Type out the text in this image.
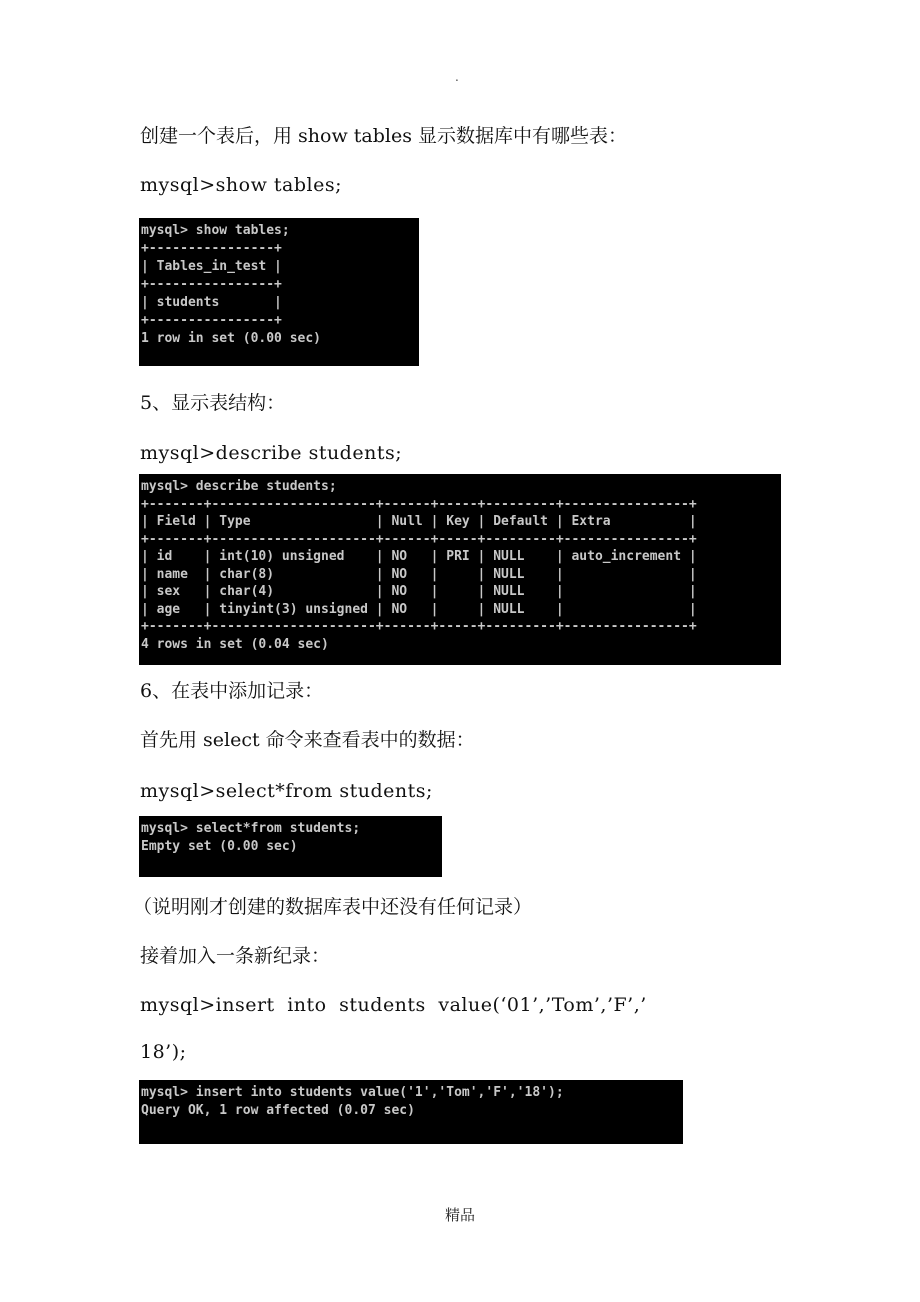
.
创建一个表后，用 show tables 显示数据库中有哪些表：
mysql>show tables;
mysql> show tables;
+----------------+
| Tables_in_test |
+----------------+
| students       |
+----------------+
1 row in set (0.00 sec)
5、显示表结构：
mysql>describe students;
mysql> describe students;
+-------+---------------------+------+-----+---------+----------------+
| Field | Type                | Null | Key | Default | Extra          |
+-------+---------------------+------+-----+---------+----------------+
| id    | int(10) unsigned    | NO   | PRI | NULL    | auto_increment |
| name  | char(8)             | NO   |     | NULL    |                |
| sex   | char(4)             | NO   |     | NULL    |                |
| age   | tinyint(3) unsigned | NO   |     | NULL    |                |
+-------+---------------------+------+-----+---------+----------------+
4 rows in set (0.04 sec)
6、在表中添加记录：
首先用 select 命令来查看表中的数据：
mysql>select*from students;
mysql> select*from students;
Empty set (0.00 sec)
（说明刚才创建的数据库表中还没有任何记录）
接着加入一条新纪录：
mysql>insert into students value(‘01’,’Tom’,’F’,’
18’);
mysql> insert into students value('1','Tom','F','18');
Query OK, 1 row affected (0.07 sec)
精品
